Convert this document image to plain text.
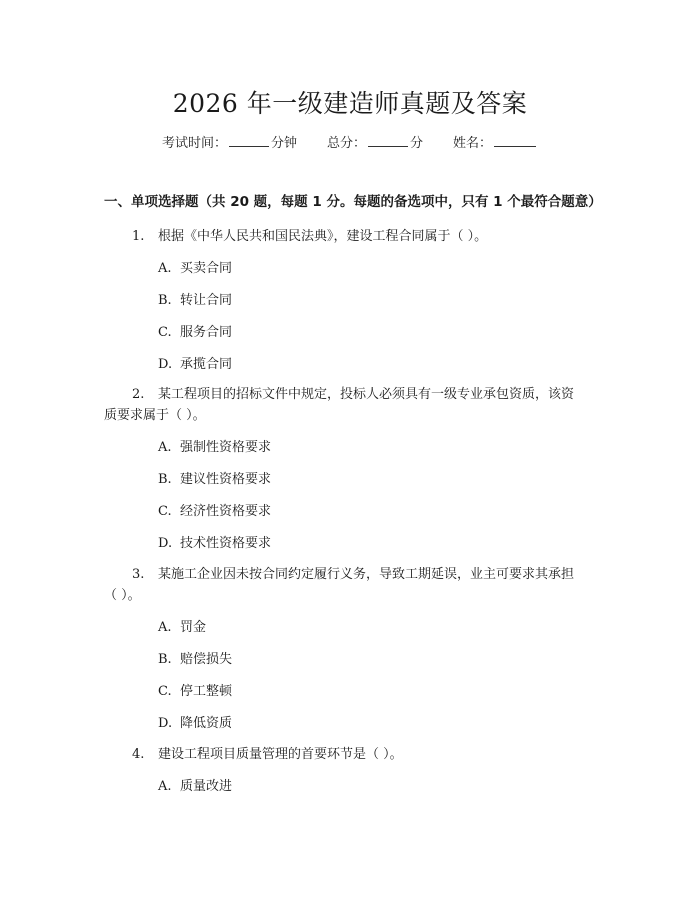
2026 年一级建造师真题及答案
考试时间：	分钟 总分：	分 姓名：
一、单项选择题（共 20 题，每题 1 分。每题的备选项中，只有 1 个最符合题意）
1. 根据《中华人民共和国民法典》，建设工程合同属于（ ）。
A. 买卖合同
B. 转让合同
C. 服务合同
D. 承揽合同
2. 某工程项目的招标文件中规定，投标人必须具有一级专业承包资质，该资
质要求属于（ ）。
A. 强制性资格要求
B. 建议性资格要求
C. 经济性资格要求
D. 技术性资格要求
3. 某施工企业因未按合同约定履行义务，导致工期延误，业主可要求其承担
（ ）。
A. 罚金
B. 赔偿损失
C. 停工整顿
D. 降低资质
4. 建设工程项目质量管理的首要环节是（ ）。
A. 质量改进
